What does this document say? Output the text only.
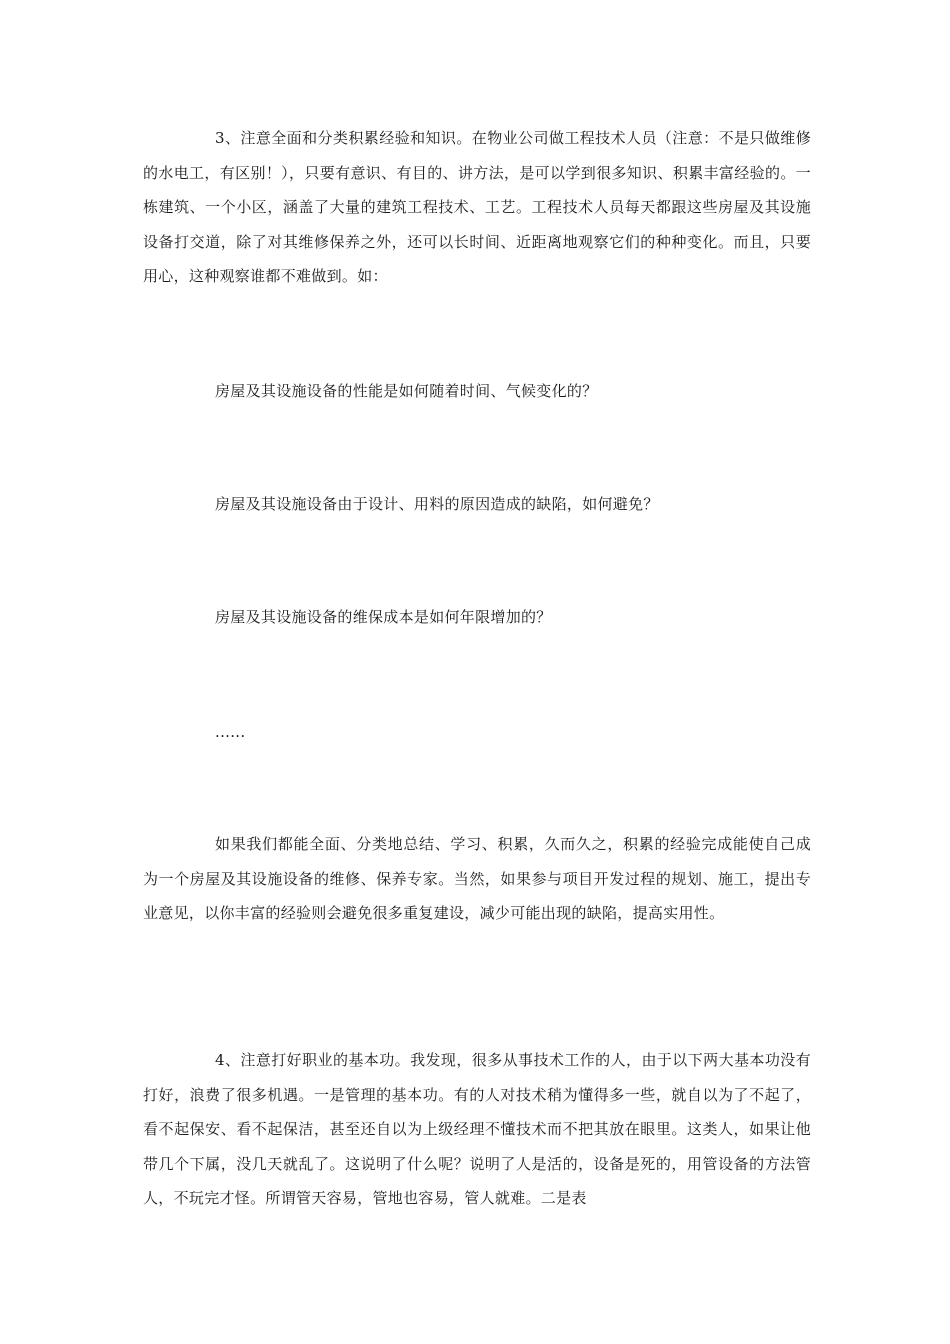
3、注意全面和分类积累经验和知识。在物业公司做工程技术人员（注意：不是只做维修的水电工，有区别！），只要有意识、有目的、讲方法，是可以学到很多知识、积累丰富经验的。一栋建筑、一个小区，涵盖了大量的建筑工程技术、工艺。工程技术人员每天都跟这些房屋及其设施设备打交道，除了对其维修保养之外，还可以长时间、近距离地观察它们的种种变化。而且，只要用心，这种观察谁都不难做到。如：

房屋及其设施设备的性能是如何随着时间、气候变化的？

房屋及其设施设备由于设计、用料的原因造成的缺陷，如何避免？

房屋及其设施设备的维保成本是如何年限增加的？

......

如果我们都能全面、分类地总结、学习、积累，久而久之，积累的经验完成能使自己成为一个房屋及其设施设备的维修、保养专家。当然，如果参与项目开发过程的规划、施工，提出专业意见，以你丰富的经验则会避免很多重复建设，减少可能出现的缺陷，提高实用性。

4、注意打好职业的基本功。我发现，很多从事技术工作的人，由于以下两大基本功没有打好，浪费了很多机遇。一是管理的基本功。有的人对技术稍为懂得多一些，就自以为了不起了，看不起保安、看不起保洁，甚至还自以为上级经理不懂技术而不把其放在眼里。这类人，如果让他带几个下属，没几天就乱了。这说明了什么呢？说明了人是活的，设备是死的，用管设备的方法管人，不玩完才怪。所谓管天容易，管地也容易，管人就难。二是表
